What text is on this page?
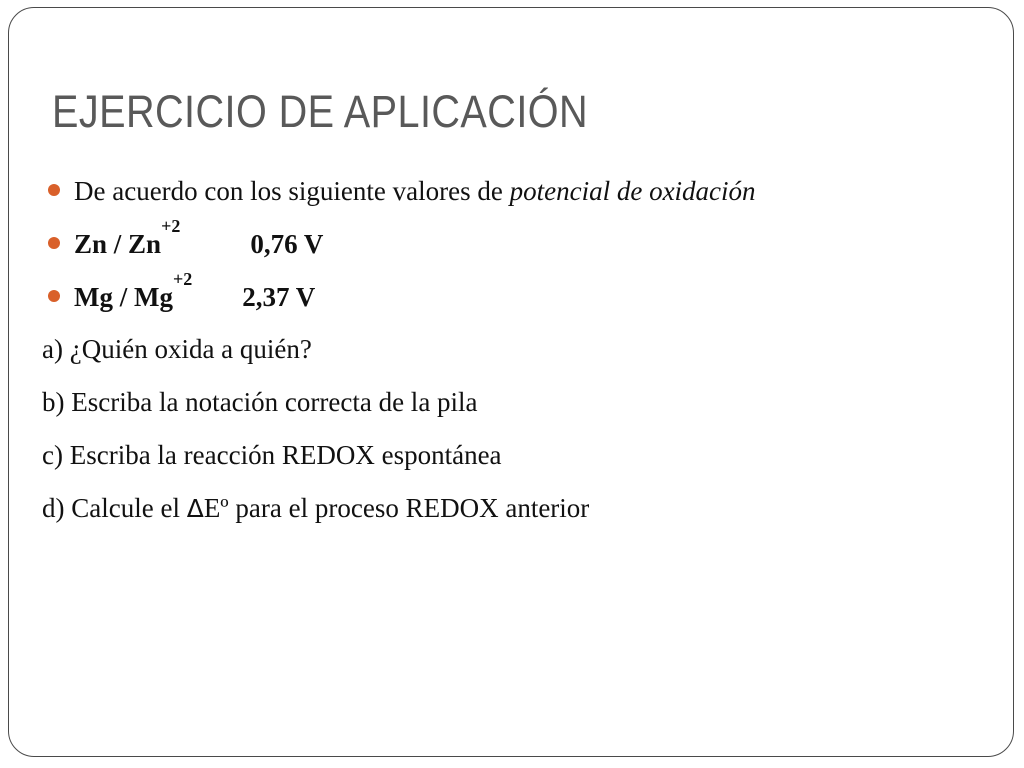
EJERCICIO DE APLICACIÓN
De acuerdo con los siguiente valores de potencial de oxidación
Zn / $Zn^{+2}0,76$ V
Mg / $Mg^{+2}2,37$ V
a) ¿Quién oxida a quién?
b) Escriba la notación correcta de la pila
c) Escriba la reacción REDOX espontánea
d) Calcule el ΔEº para el proceso REDOX anterior
